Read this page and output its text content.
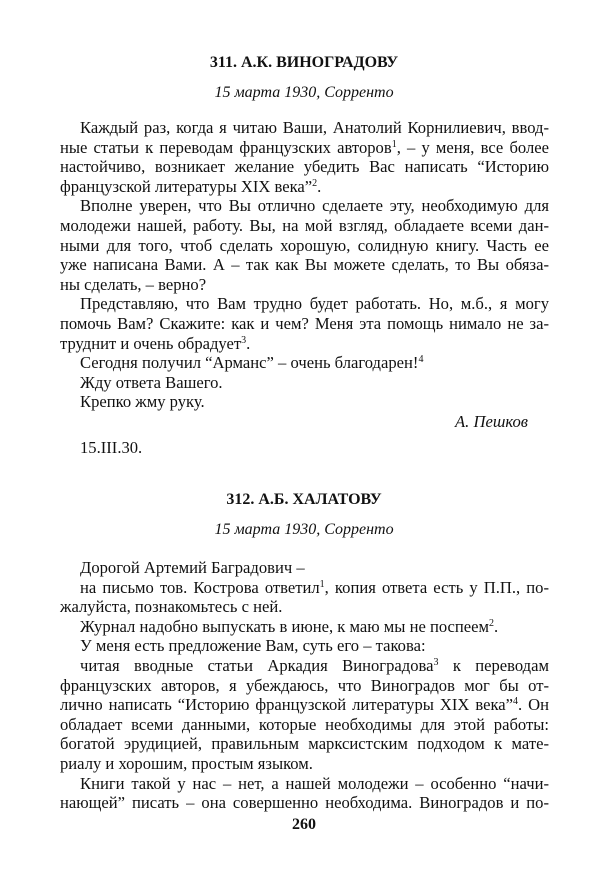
311. А.К. ВИНОГРАДОВУ
15 марта 1930, Сорренто
Каждый раз, когда я читаю Ваши, Анатолий Корнилиевич, ввод-
ные статьи к переводам французских авторов$^1$, – у меня, все более
настойчиво, возникает желание убедить Вас написать “Историю
французской литературы XIX века”$^2$.
Вполне уверен, что Вы отлично сделаете эту, необходимую для
молодежи нашей, работу. Вы, на мой взгляд, обладаете всеми дан-
ными для того, чтоб сделать хорошую, солидную книгу. Часть ее
уже написана Вами. А – так как Вы можете сделать, то Вы обяза-
ны сделать, – верно?
Представляю, что Вам трудно будет работать. Но, м.б., я могу
помочь Вам? Скажите: как и чем? Меня эта помощь нимало не за-
труднит и очень обрадует$^3$.
Сегодня получил “Арманс” – очень благодарен!$^4$
Жду ответа Вашего.
Крепко жму руку.
А. Пешков
15.III.30.
312. А.Б. ХАЛАТОВУ
15 марта 1930, Сорренто
Дорогой Артемий Баградович –
на письмо тов. Кострова ответил$^1$, копия ответа есть у П.П., по-
жалуйста, познакомьтесь с ней.
Журнал надобно выпускать в июне, к маю мы не поспеем$^2$.
У меня есть предложение Вам, суть его – такова:
читая вводные статьи Аркадия Виноградова$^3$ к переводам
французских авторов, я убеждаюсь, что Виноградов мог бы от-
лично написать “Историю французской литературы XIX века”$^4$. Он
обладает всеми данными, которые необходимы для этой работы:
богатой эрудицией, правильным марксистским подходом к мате-
риалу и хорошим, простым языком.
Книги такой у нас – нет, а нашей молодежи – особенно “начи-
нающей” писать – она совершенно необходима. Виноградов и по-
260
